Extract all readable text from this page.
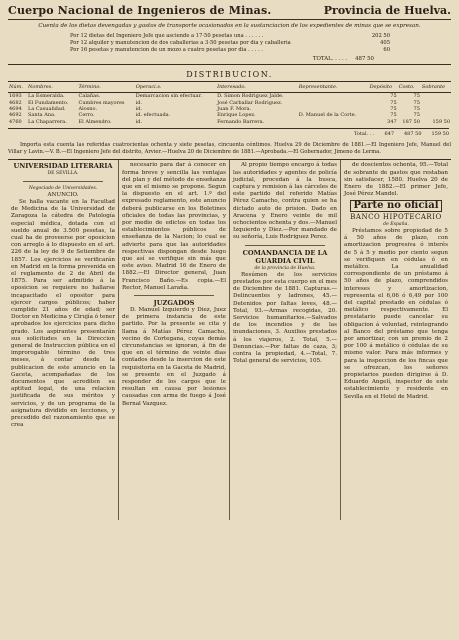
Cuerpo Nacional de Ingenieros de Minas.	Provincia de Huelva.
Cuenta de los dietas devengadas y gastos de transporte ocasionados en la sustanciacion de los expedientes de minas que se expresan.
Por 12 dietas del Ingeniero Jefe que asciende a 17·50 pesetas una . . . . . .	202 50
Por 12 alquiler y manutencion de dos caballerias a 3·50 pesetas por dia y caballeria	405
Por 16 pesetas y manutencion de un mozo a cuatro pesetas por dia . . . . .	60
TOTAL. . . . . 487 50
DISTRIBUCION.
Núm.	Nombres.	Término.	Operaci.s.	Interesado.	Representante.	Depósito	Costo.	Sobrante
1693	La Esmeralda.	Calañas.	Demarcacion sin efectuar.	D. Simon Rodriguez Jalde.		75	75	
4682	El Fundamento.	Cumbres mayores	id.	José Carballar Rodriguez.		75	75	
4694	La Casualidad.	Alosno.	id.	Juan F. Mora.		75	75	
4692	Santa Ana.	Cerro.	id. efectuada.	Enrique Lopez.	D. Manuel de la Corte.	75	75	
4760	La Chaparrera.	El Almendro.	id.	Fernando Barrera.		347	187 50	159 50
Total. . . 647 487 50 159 50
Importa esta cuenta las referidas cuatrocientas ochenta y siete pesetas, cincuenta céntimos. Huelva 29 de Diciembre de 1881.—El Ingeniero Jefe, Manuel del Villar y Lavin.—V. B.—El Ingeniero Jefe del distrito, Arvier.—Huelva 20 de Diciembre de 1881.—Aprobada.—El Gobernador, Jimeno de Lerma.
UNIVERSIDAD LITERARIA
DE SEVILLA.
Negociado de Universidades.
ANUNCIO.

Se halla vacante en la Facultad de Medicina de la Universidad de Zaragoza la cátedra de Patología especial médica, dotada con el sueldo anual de 3.500 pesetas, la cual ha de proveerse por oposicion con arreglo á lo dispuesto en el art. 226 de la ley de 9 de Setiembre de 1857. Los ejercicios se verificarán en Madrid en la forma prevenida en el reglamento de 2 de Abril de 1875. Para ser admitido á la oposicion se requiere no hallarse incapacitado el opositor para ejercer cargos públicos; haber cumplido 21 años de edad; ser Doctor en Medicina y Cirujía ó tener aprobados los ejercicios para dicho grado. Los aspirantes presentarán sus solicitudes en la Direccion general de Instruccion pública en el improrogable término de tres meses, á contar desde la publicacion de este anuncio en la Gaceta, acompañadas de los documentos que acrediten su aptitud legal, de una relacion justificada de sus méritos y servicios, y de un programa de la asignatura dividido en lecciones, y precedido del razonamiento que se crea

necesario para dar á conocer en forma breve y sencilla las ventajas del plan y del método de enseñanza que en el mismo se propone. Segun la dispuesto en el art. 1.º del expresado reglamento, este anuncio deberá publicarse en los Boletines oficiales de todas las provincias, y por medio de edictos en todas los establecimientos públicos de enseñanza de la Nacion; lo cual se advierte para que las autoridades respectivas dispongan desde luego que así se verifique sin más que este aviso. Madrid 16 de Enero de 1882.—El Director general, Juan Francisco Baño.—Es copia.—El Rector, Manuel Laraña.

JUZGADOS

D. Manuel Izquierdo y Diez, Juez de primera instancia de este partido. Por la presente se cita y llama á Matías Pérez Camacho, vecino de Cortegana, cuyas demás circunstancias se ignoran, á fin de que en el término de veinte dias contados desde la insercion de este requisitoria en la Gaceta de Madrid, se presente en el Juzgado á responder de los cargos que le resultan en causa por lesiones causadas con arma de fuego á José Bernal Vazquez.

Al propio tiempo encargo á todas las autoridades y agentes de policía judicial, procedan á la busca, captura y remision á las cárceles de este partido del referido Matías Pérez Camacho, contra quien se ha dictado auto de prision. Dado en Aracena y Enero veinte de mil ochocientos ochenta y dos.—Manuel Izquierdo y Diez.—Por mandado de su señoría, Luis Rodriguez Perez.

COMANDANCIA DE LA GUARDIA CIVIL
de la provincia de Huelva.

Resúmen de los servicios prestados por esta cuerpo en el mes de Diciembre de 1881. Capturas.—Delincuentes y ladrones, 45.—Detenidos por faltas leves, 48.—Total, 93.—Armas recogidas, 20. Servicios humanitarios.—Salvados de los incendios y de las inundaciones, 3. Auxilios prestados á los viajeros, 2. Total, 5.—Denuncias.—Por faltas de caza, 3; contra la propiedad, 4.—Total, 7. Total general de servicios, 105.

de doscientos ochenta, 95.—Total de sobrante de gastos que restaban sin satisfacer, 1580. Huelva 20 de Enero de 1882.—El primer Jefe, José Pérez Mandel.

Parte no oficial
BANCO HIPOTECARIO
de España.

Préstamos sobre propiedad de 5 á 50 años de plazo, con amortizacion progresiva ó interés de 5 á 5 y medio por ciento segun se verifiquen en cédulas ó en metálico. La anualidad correspondiente de un préstamo á 50 años de plazo, comprendidos intereses y amortizacion, representa el 6,06 ó 6,49 por 100 del capital prestado en cédulas ó metálico respectivamente. El prestatario puede cancelar su obligacion á voluntad, reintegrando al Banco del préstamo que tenga por amortizar, con un premio de 2 por 100 á metálico ó cédulas de su mismo valor. Para más informes y para la inspeccion de los fincas que se ofrezcan, los señores propietarios pueden dirigirse á D. Eduardo Angelí, inspector de este establecimiento y residente en Sevilla en el Hotel de Madrid.
